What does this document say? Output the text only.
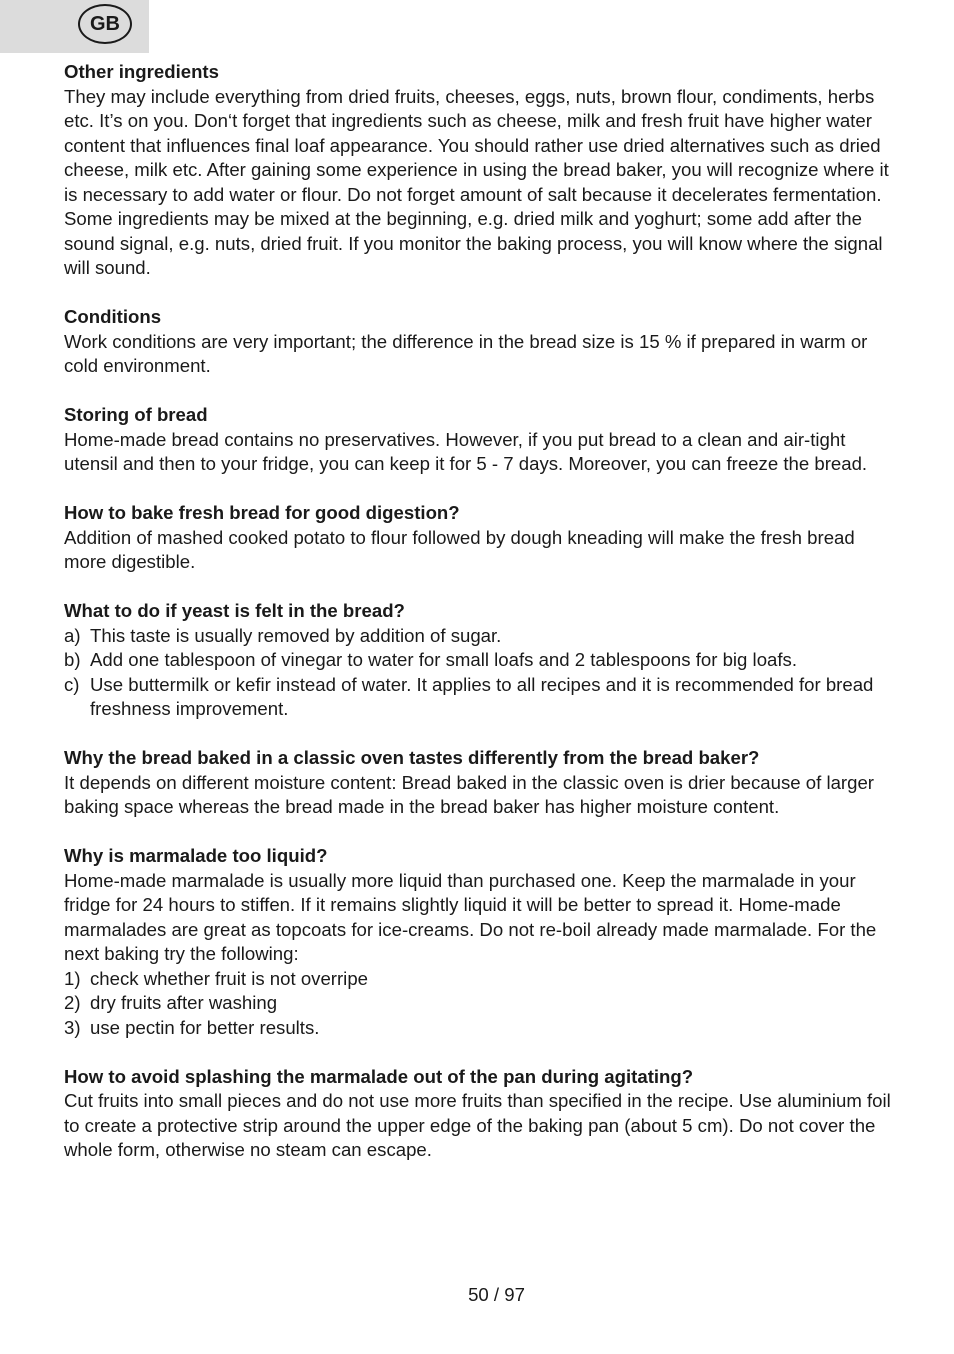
GB
Other ingredients

They may include everything from dried fruits, cheeses, eggs, nuts, brown flour, condiments, herbs etc. It’s on you. Don‘t forget that ingredients such as cheese, milk and fresh fruit have higher water content that influences final loaf appearance. You should rather use dried alternatives such as dried cheese, milk etc. After gaining some experience in using the bread baker, you will recognize where it is necessary to add water or flour. Do not forget amount of salt because it decelerates fermentation. Some ingredients may be mixed at the beginning, e.g. dried milk and yoghurt; some add after the sound signal, e.g. nuts, dried fruit. If you monitor the baking process, you will know where the signal will sound.

Conditions

Work conditions are very important; the difference in the bread size is 15 % if prepared in warm or cold environment.

Storing of bread

Home-made bread contains no preservatives. However, if you put bread to a clean and air-tight utensil and then to your fridge, you can keep it for 5 - 7 days. Moreover, you can freeze the bread.

How to bake fresh bread for good digestion?

Addition of mashed cooked potato to flour followed by dough kneading will make the fresh bread more digestible.

What to do if yeast is felt in the bread?
a) This taste is usually removed by addition of sugar.
b) Add one tablespoon of vinegar to water for small loafs and 2 tablespoons for big loafs.
c) Use buttermilk or kefir instead of water. It applies to all recipes and it is recommended for bread freshness improvement.
Why the bread baked in a classic oven tastes differently from the bread baker?

It depends on different moisture content: Bread baked in the classic oven is drier because of larger baking space whereas the bread made in the bread baker has higher moisture content.

Why is marmalade too liquid?

Home-made marmalade is usually more liquid than purchased one. Keep the marmalade in your fridge for 24 hours to stiffen. If it remains slightly liquid it will be better to spread it. Home-made marmalades are great as topcoats for ice-creams. Do not re-boil already made marmalade. For the next baking try the following:

1) check whether fruit is not overripe
2) dry fruits after washing
3) use pectin for better results.
How to avoid splashing the marmalade out of the pan during agitating?

Cut fruits into small pieces and do not use more fruits than specified in the recipe. Use aluminium foil to create a protective strip around the upper edge of the baking pan (about 5 cm). Do not cover the whole form, otherwise no steam can escape.

50 / 97
